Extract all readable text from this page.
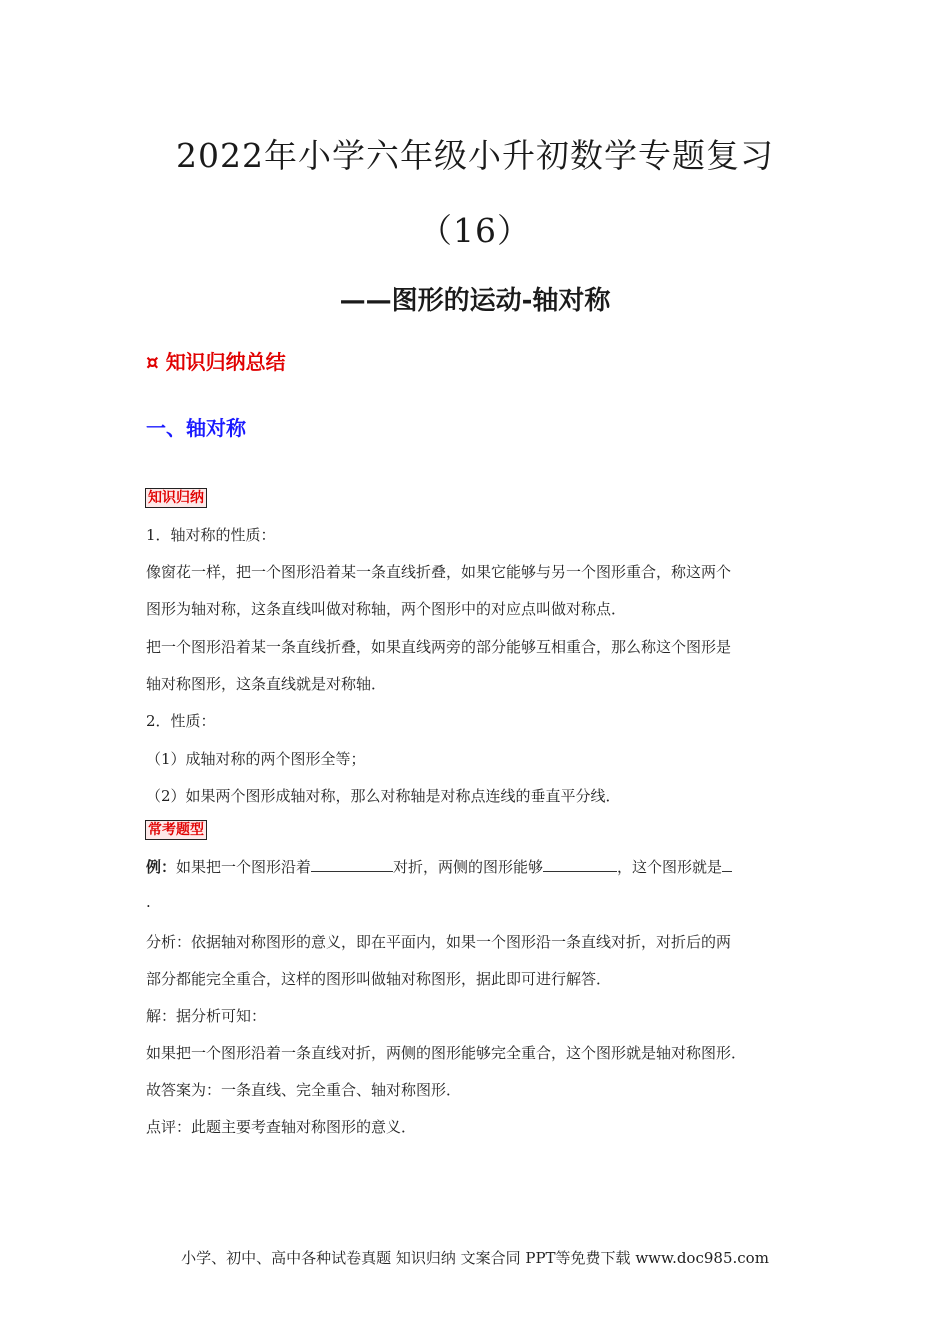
2022年小学六年级小升初数学专题复习
（16）
——图形的运动-轴对称
¤ 知识归纳总结
一、轴对称
知识归纳
1．轴对称的性质：
像窗花一样，把一个图形沿着某一条直线折叠，如果它能够与另一个图形重合，称这两个
图形为轴对称，这条直线叫做对称轴，两个图形中的对应点叫做对称点．
把一个图形沿着某一条直线折叠，如果直线两旁的部分能够互相重合，那么称这个图形是
轴对称图形，这条直线就是对称轴．
2．性质：
（1）成轴对称的两个图形全等；
（2）如果两个图形成轴对称，那么对称轴是对称点连线的垂直平分线．
常考题型
例：如果把一个图形沿着	对折，两侧的图形能够	，这个图形就是
.
分析：依据轴对称图形的意义，即在平面内，如果一个图形沿一条直线对折，对折后的两
部分都能完全重合，这样的图形叫做轴对称图形，据此即可进行解答．
解：据分析可知：
如果把一个图形沿着一条直线对折，两侧的图形能够完全重合，这个图形就是轴对称图形．
故答案为：一条直线、完全重合、轴对称图形．
点评：此题主要考查轴对称图形的意义．
小学、初中、高中各种试卷真题 知识归纳 文案合同 PPT等免费下载 www.doc985.com
